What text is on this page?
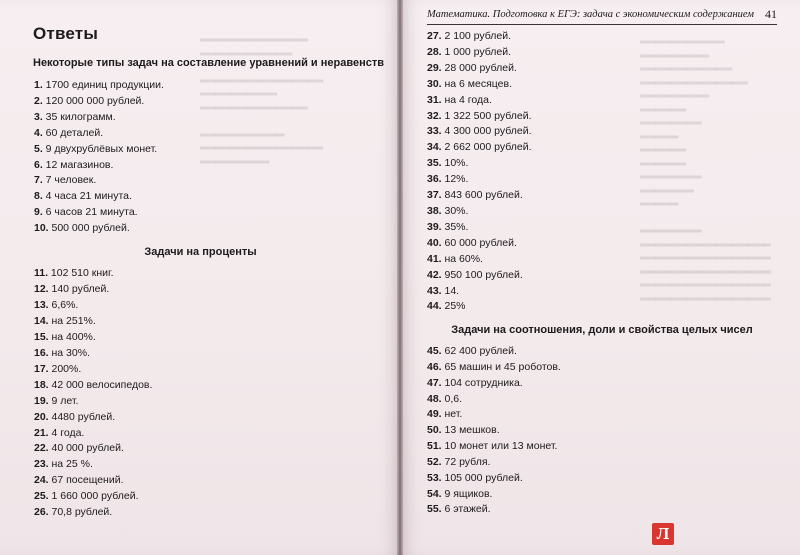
▂▂▂▂▂▂▂▂▂▂▂▂▂▂
▂▂▂▂▂▂▂▂▂▂▂▂

▂▂▂▂▂▂▂▂▂▂▂▂▂▂▂▂
▂▂▂▂▂▂▂▂▂▂
▂▂▂▂▂▂▂▂▂▂▂▂▂▂

▂▂▂▂▂▂▂▂▂▂▂
▂▂▂▂▂▂▂▂▂▂▂▂▂▂▂▂
▂▂▂▂▂▂▂▂▂
Ответы
Некоторые типы задач на составление уравнений и неравенств
1. 1700 единиц продукции.
2. 120 000 000 рублей.
3. 35 килограмм.
4. 60 деталей.
5. 9 двухрублёвых монет.
6. 12 магазинов.
7. 7 человек.
8. 4 часа 21 минута.
9. 6 часов 21 минута.
10. 500 000 рублей.
Задачи на проценты
11. 102 510 книг.
12. 140 рублей.
13. 6,6%.
14. на 251%.
15. на 400%.
16. на 30%.
17. 200%.
18. 42 000 велосипедов.
19. 9 лет.
20. 4480 рублей.
21. 4 года.
22. 40 000 рублей.
23. на 25 %.
24. 67 посещений.
25. 1 660 000 рублей.
26. 70,8 рублей.
▂▂▂▂▂▂▂▂▂▂▂
▂▂▂▂▂▂▂▂▂
▂▂▂▂▂▂▂▂▂▂▂▂
▂▂▂▂▂▂▂▂▂▂▂▂▂▂
▂▂▂▂▂▂▂▂▂
▂▂▂▂▂▂
▂▂▂▂▂▂▂▂
▂▂▂▂▂
▂▂▂▂▂▂
▂▂▂▂▂▂
▂▂▂▂▂▂▂▂
▂▂▂▂▂▂▂
▂▂▂▂▂

▂▂▂▂▂▂▂▂
▂▂▂▂▂▂▂▂▂▂▂▂▂▂▂▂▂
▂▂▂▂▂▂▂▂▂▂▂▂▂▂▂▂▂
▂▂▂▂▂▂▂▂▂▂▂▂▂▂▂▂▂
▂▂▂▂▂▂▂▂▂▂▂▂▂▂▂▂▂
▂▂▂▂▂▂▂▂▂▂▂▂▂▂▂▂▂
Математика. Подготовка к ЕГЭ: задача с экономическим содержанием 41
27. 2 100 рублей.
28. 1 000 рублей.
29. 28 000 рублей.
30. на 6 месяцев.
31. на 4 года.
32. 1 322 500 рублей.
33. 4 300 000 рублей.
34. 2 662 000 рублей.
35. 10%.
36. 12%.
37. 843 600 рублей.
38. 30%.
39. 35%.
40. 60 000 рублей.
41. на 60%.
42. 950 100 рублей.
43. 14.
44. 25%
Задачи на соотношения, доли и свойства целых чисел
45. 62 400 рублей.
46. 65 машин и 45 роботов.
47. 104 сотрудника.
48. 0,6.
49. нет.
50. 13 мешков.
51. 10 монет или 13 монет.
52. 72 рубля.
53. 105 000 рублей.
54. 9 ящиков.
55. 6 этажей.
Л
